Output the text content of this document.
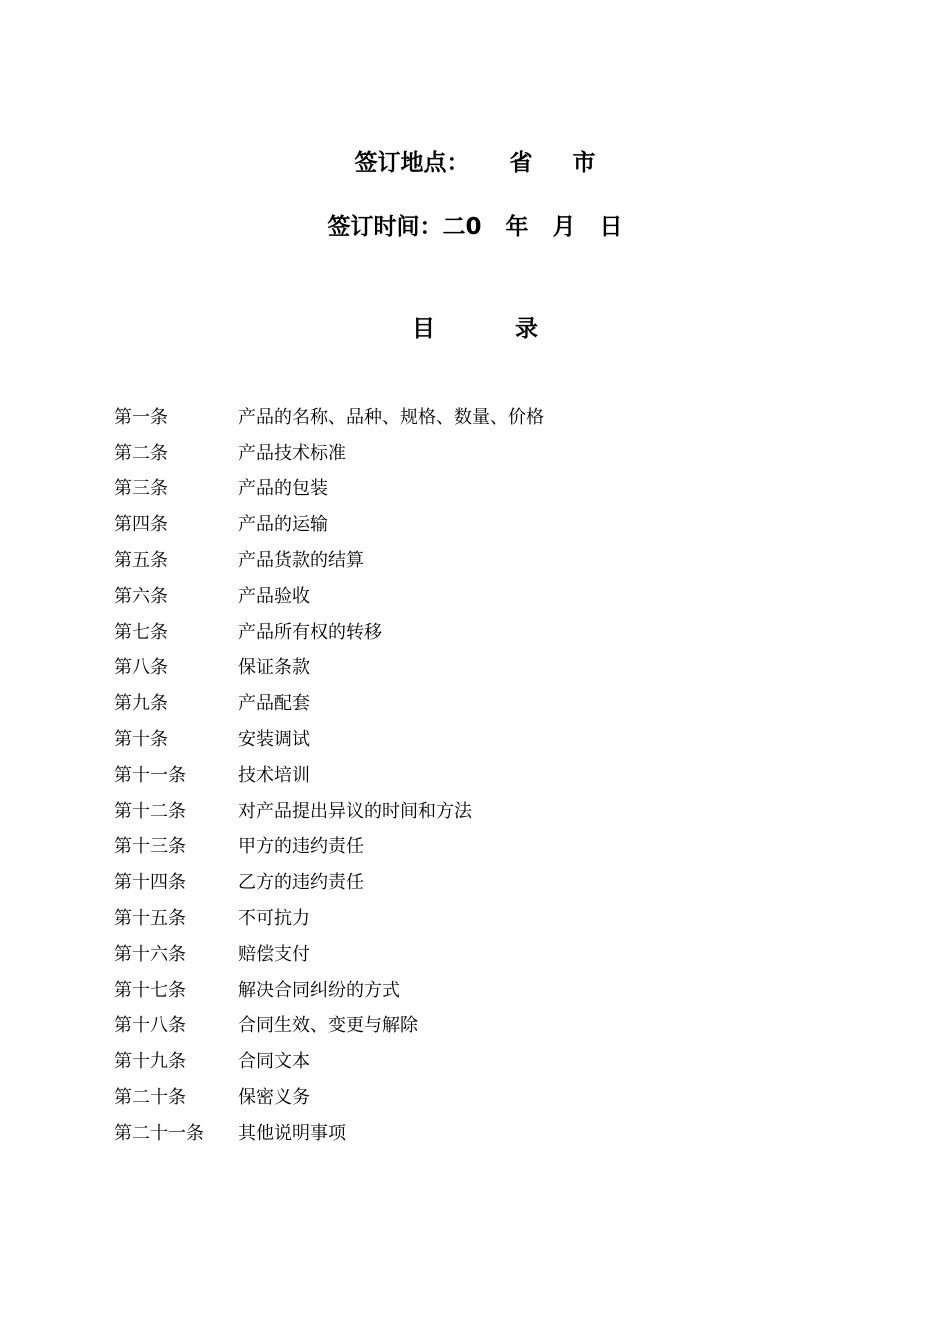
签订地点：     省     市
签订时间：二0   年   月   日
目          录
第一条	产品的名称、品种、规格、数量、价格
第二条	产品技术标准
第三条	产品的包装
第四条	产品的运输
第五条	产品货款的结算
第六条	产品验收
第七条	产品所有权的转移
第八条	保证条款
第九条	产品配套
第十条	安装调试
第十一条	技术培训
第十二条	对产品提出异议的时间和方法
第十三条	甲方的违约责任
第十四条	乙方的违约责任
第十五条	不可抗力
第十六条	赔偿支付
第十七条	解决合同纠纷的方式
第十八条	合同生效、变更与解除
第十九条	合同文本
第二十条	保密义务
第二十一条	其他说明事项
